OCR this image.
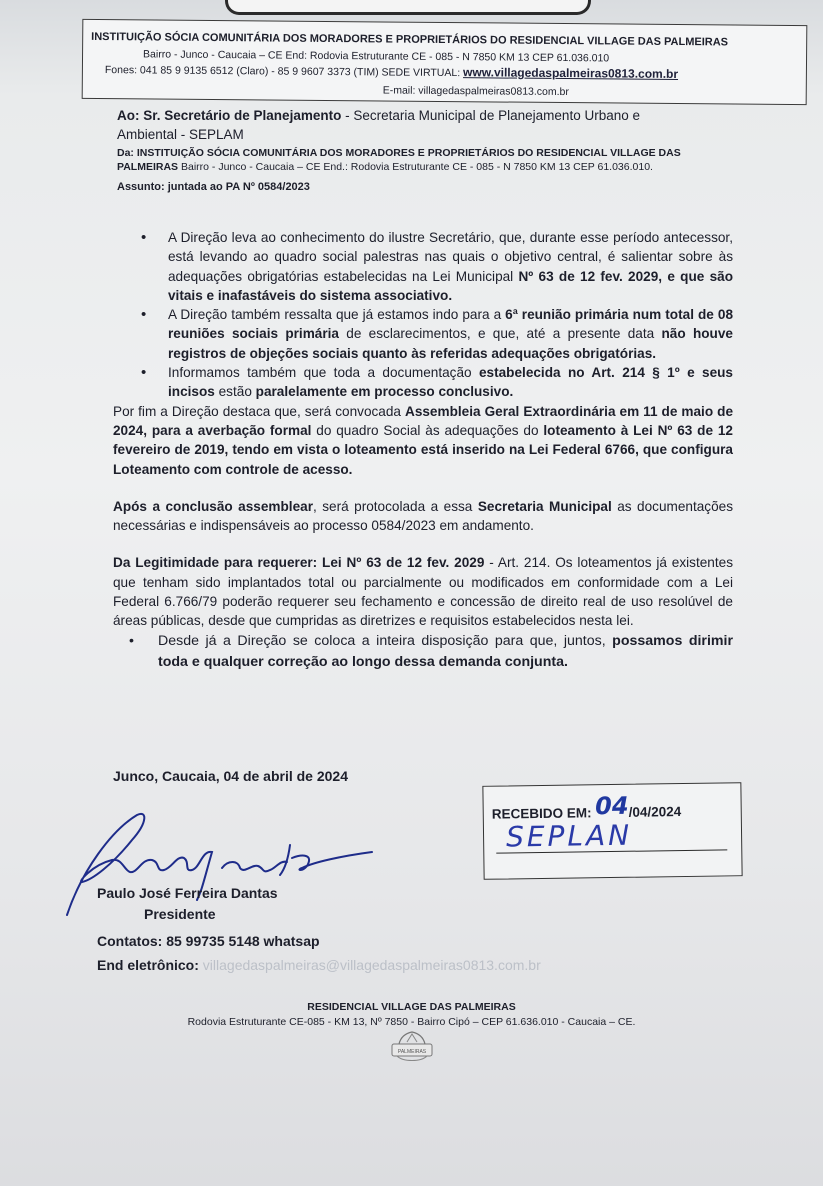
INSTITUIÇÃO SÓCIA COMUNITÁRIA DOS MORADORES E PROPRIETÁRIOS DO RESIDENCIAL VILLAGE DAS PALMEIRAS
Bairro - Junco - Caucaia – CE End: Rodovia Estruturante CE - 085 - N 7850 KM 13 CEP 61.036.010
Fones: 041 85 9 9135 6512 (Claro) - 85 9 9607 3373 (TIM) SEDE VIRTUAL: www.villagedaspalmeiras0813.com.br
E-mail: villagedaspalmeiras0813.com.br
Ao: Sr. Secretário de Planejamento - Secretaria Municipal de Planejamento Urbano e
Ambiental - SEPLAM
Da: INSTITUIÇÃO SÓCIA COMUNITÁRIA DOS MORADORES E PROPRIETÁRIOS DO RESIDENCIAL VILLAGE DAS PALMEIRAS Bairro - Junco - Caucaia – CE End.: Rodovia Estruturante CE - 085 - N 7850 KM 13 CEP 61.036.010.
Assunto: juntada ao PA Nº 0584/2023
• A Direção leva ao conhecimento do ilustre Secretário, que, durante esse período antecessor, está levando ao quadro social palestras nas quais o objetivo central, é salientar sobre às adequações obrigatórias estabelecidas na Lei Municipal Nº 63 de 12 fev. 2029, e que são vitais e inafastáveis do sistema associativo.
• A Direção também ressalta que já estamos indo para a 6ª reunião primária num total de 08 reuniões sociais primária de esclarecimentos, e que, até a presente data não houve registros de objeções sociais quanto às referidas adequações obrigatórias.
• Informamos também que toda a documentação estabelecida no Art. 214 § 1º e seus incisos estão paralelamente em processo conclusivo.
Por fim a Direção destaca que, será convocada Assembleia Geral Extraordinária em 11 de maio de 2024, para a averbação formal do quadro Social às adequações do loteamento à Lei Nº 63 de 12 fevereiro de 2019, tendo em vista o loteamento está inserido na Lei Federal 6766, que configura Loteamento com controle de acesso.
Após a conclusão assemblear, será protocolada a essa Secretaria Municipal as documentações necessárias e indispensáveis ao processo 0584/2023 em andamento.
Da Legitimidade para requerer: Lei Nº 63 de 12 fev. 2029 - Art. 214. Os loteamentos já existentes que tenham sido implantados total ou parcialmente ou modificados em conformidade com a Lei Federal 6.766/79 poderão requerer seu fechamento e concessão de direito real de uso resolúvel de áreas públicas, desde que cumpridas as diretrizes e requisitos estabelecidos nesta lei.
• Desde já a Direção se coloca a inteira disposição para que, juntos, possamos dirimir toda e qualquer correção ao longo dessa demanda conjunta.
Junco, Caucaia, 04 de abril de 2024
RECEBIDO EM: 04/04/2024
SEPLAN
Paulo José Ferreira Dantas
Presidente
Contatos: 85 99735 5148 whatsap
End eletrônico: villagedaspalmeiras@villagedaspalmeiras0813.com.br
RESIDENCIAL VILLAGE DAS PALMEIRAS
Rodovia Estruturante CE-085 - KM 13, Nº 7850 - Bairro Cipó – CEP 61.636.010 - Caucaia – CE.
PALMEIRAS
